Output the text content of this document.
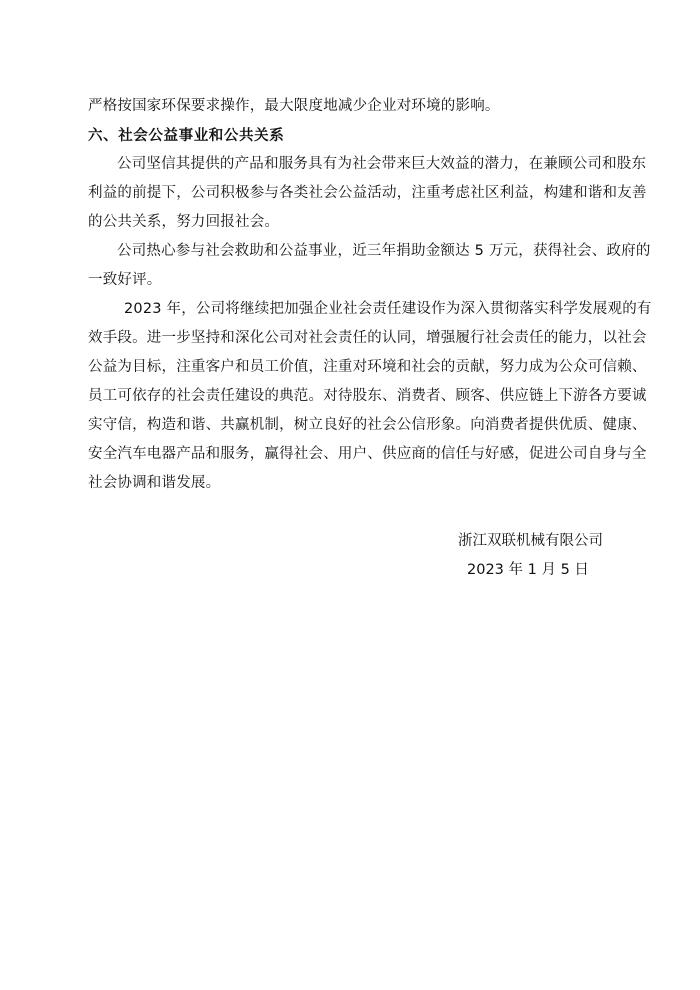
严格按国家环保要求操作，最大限度地减少企业对环境的影响。
六、社会公益事业和公共关系
公司坚信其提供的产品和服务具有为社会带来巨大效益的潜力，在兼顾公司和股东
利益的前提下，公司积极参与各类社会公益活动，注重考虑社区利益，构建和谐和友善
的公共关系，努力回报社会。
公司热心参与社会救助和公益事业，近三年捐助金额达 5 万元，获得社会、政府的
一致好评。
2023 年，公司将继续把加强企业社会责任建设作为深入贯彻落实科学发展观的有
效手段。进一步坚持和深化公司对社会责任的认同，增强履行社会责任的能力，以社会
公益为目标，注重客户和员工价值，注重对环境和社会的贡献，努力成为公众可信赖、
员工可依存的社会责任建设的典范。对待股东、消费者、顾客、供应链上下游各方要诚
实守信，构造和谐、共赢机制，树立良好的社会公信形象。向消费者提供优质、健康、
安全汽车电器产品和服务，赢得社会、用户、供应商的信任与好感，促进公司自身与全
社会协调和谐发展。
浙江双联机械有限公司
2023 年 1 月 5 日
